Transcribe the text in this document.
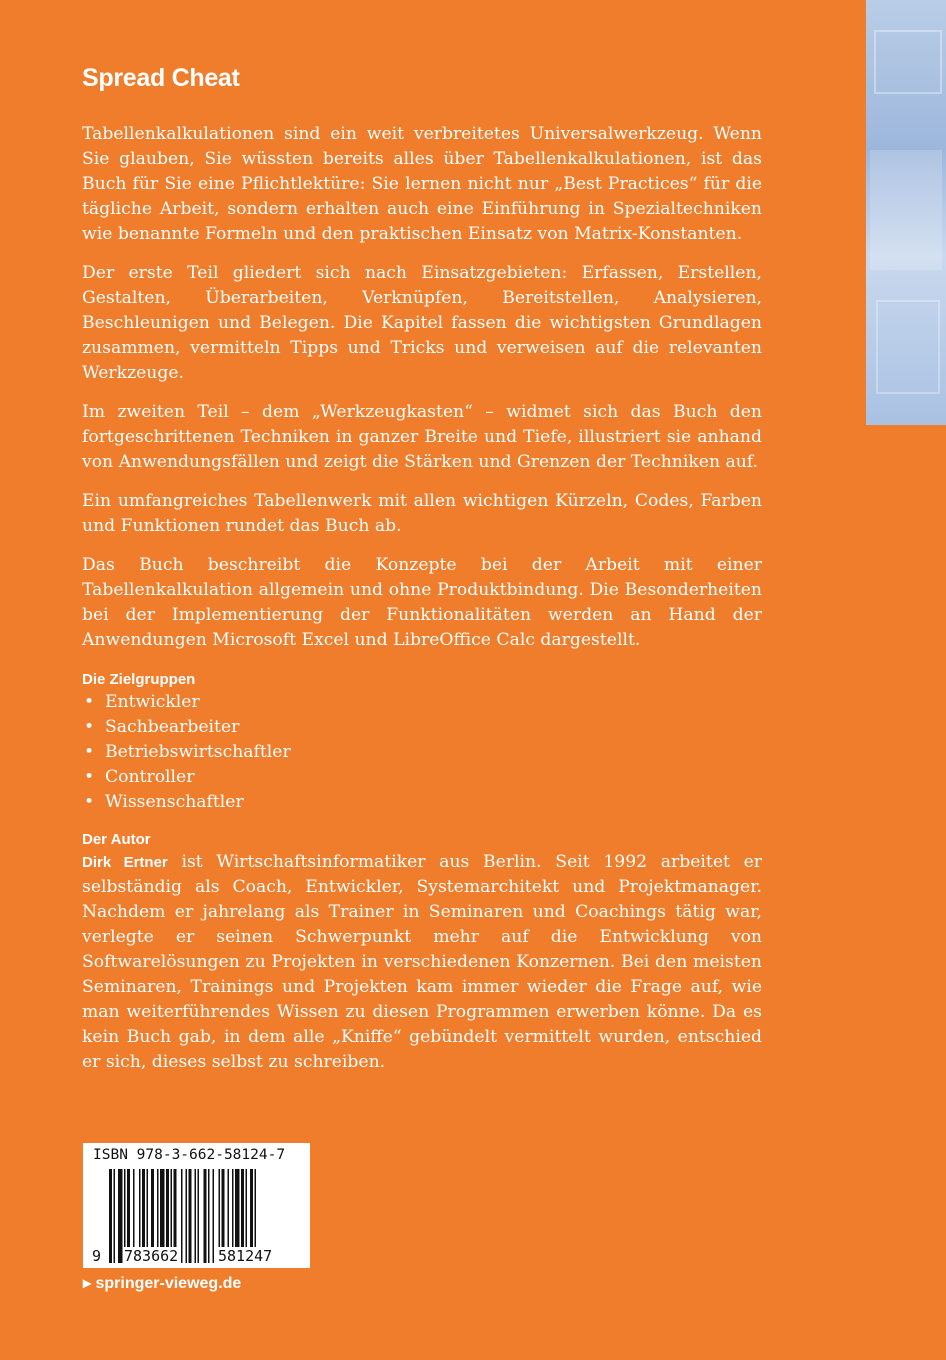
Spread Cheat

Tabellenkalkulationen sind ein weit verbreitetes Universalwerkzeug. Wenn Sie glauben, Sie wüssten bereits alles über Tabellenkalkulationen, ist das Buch für Sie eine Pflichtlektüre: Sie lernen nicht nur „Best Practices“ für die tägliche Arbeit, sondern erhalten auch eine Einführung in Spezialtechniken wie benannte Formeln und den praktischen Einsatz von Matrix-Konstanten.

Der erste Teil gliedert sich nach Einsatzgebieten: Erfassen, Erstellen, Gestalten, Überarbeiten, Verknüpfen, Bereitstellen, Analysieren, Beschleunigen und Belegen. Die Kapitel fassen die wichtigsten Grundlagen zusammen, vermitteln Tipps und Tricks und verweisen auf die relevanten Werkzeuge.

Im zweiten Teil – dem „Werkzeugkasten“ – widmet sich das Buch den fortgeschrittenen Techniken in ganzer Breite und Tiefe, illustriert sie anhand von Anwendungsfällen und zeigt die Stärken und Grenzen der Techniken auf.

Ein umfangreiches Tabellenwerk mit allen wichtigen Kürzeln, Codes, Farben und Funktionen rundet das Buch ab.

Das Buch beschreibt die Konzepte bei der Arbeit mit einer Tabellenkalkulation allgemein und ohne Produktbindung. Die Besonderheiten bei der Implementierung der Funktionalitäten werden an Hand der Anwendungen Microsoft Excel und LibreOffice Calc dargestellt.

Die Zielgruppen
• Entwickler
• Sachbearbeiter
• Betriebswirtschaftler
• Controller
• Wissenschaftler
Der Autor

Dirk Ertner ist Wirtschaftsinformatiker aus Berlin. Seit 1992 arbeitet er selbständig als Coach, Entwickler, Systemarchitekt und Projektmanager. Nachdem er jahrelang als Trainer in Seminaren und Coachings tätig war, verlegte er seinen Schwerpunkt mehr auf die Entwicklung von Softwarelösungen zu Projekten in verschiedenen Konzernen. Bei den meisten Seminaren, Trainings und Projekten kam immer wieder die Frage auf, wie man weiterführendes Wissen zu diesen Programmen erwerben könne. Da es kein Buch gab, in dem alle „Kniffe“ gebündelt vermittelt wurden, entschied er sich, dieses selbst zu schreiben.

ISBN 978-3-662-58124-7
9 783662	581247
▸ springer-vieweg.de
